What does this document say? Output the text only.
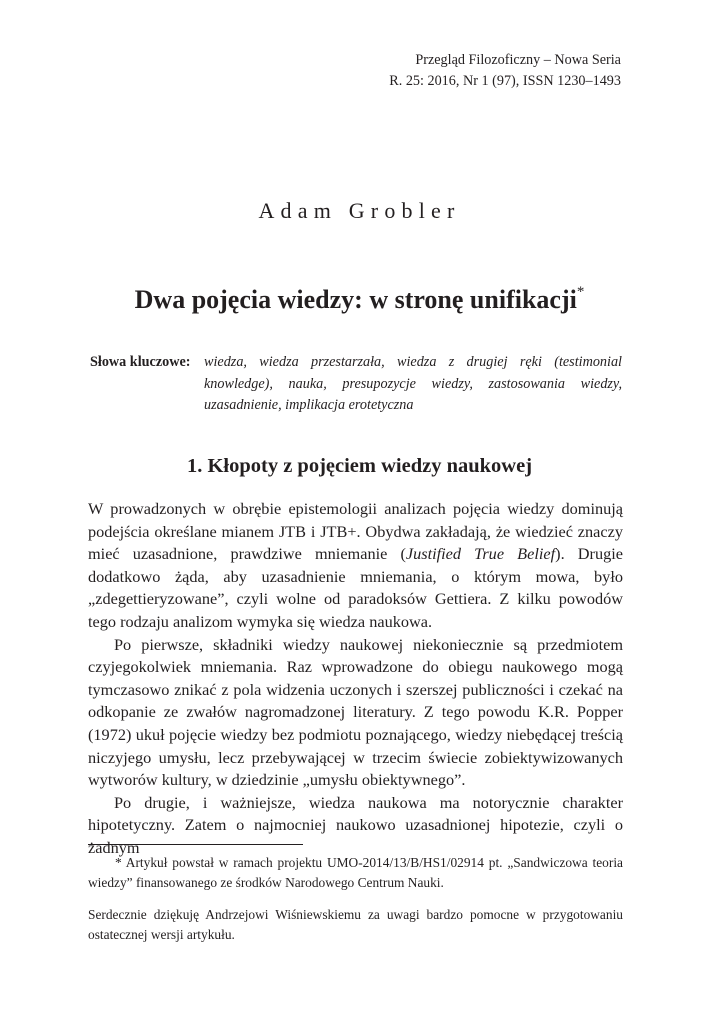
Przegląd Filozoficzny – Nowa Seria
R. 25: 2016, Nr 1 (97), ISSN 1230–1493
Adam Grobler
Dwa pojęcia wiedzy: w stronę unifikacji*
Słowa kluczowe: wiedza, wiedza przestarzała, wiedza z drugiej ręki (testimonial knowledge), nauka, presupozycje wiedzy, zastosowania wiedzy, uzasadnienie, implikacja erotetyczna
1. Kłopoty z pojęciem wiedzy naukowej

W prowadzonych w obrębie epistemologii analizach pojęcia wiedzy dominują podejścia określane mianem JTB i JTB+. Obydwa zakładają, że wiedzieć znaczy mieć uzasadnione, prawdziwe mniemanie (Justified True Belief). Drugie dodatkowo żąda, aby uzasadnienie mniemania, o którym mowa, było „zdegettieryzowane”, czyli wolne od paradoksów Gettiera. Z kilku powodów tego rodzaju analizom wymyka się wiedza naukowa.

Po pierwsze, składniki wiedzy naukowej niekoniecznie są przedmiotem czyjegokolwiek mniemania. Raz wprowadzone do obiegu naukowego mogą tymczasowo znikać z pola widzenia uczonych i szerszej publiczności i czekać na odkopanie ze zwałów nagromadzonej literatury. Z tego powodu K.R. Popper (1972) ukuł pojęcie wiedzy bez podmiotu poznającego, wiedzy niebędącej treścią niczyjego umysłu, lecz przebywającej w trzecim świecie zobiektywizowanych wytworów kultury, w dziedzinie „umysłu obiektywnego”.

Po drugie, i ważniejsze, wiedza naukowa ma notorycznie charakter hipotetyczny. Zatem o najmocniej naukowo uzasadnionej hipotezie, czyli o żadnym

* Artykuł powstał w ramach projektu UMO-2014/13/B/HS1/02914 pt. „Sandwiczowa teoria wiedzy” finansowanego ze środków Narodowego Centrum Nauki.

Serdecznie dziękuję Andrzejowi Wiśniewskiemu za uwagi bardzo pomocne w przygotowaniu ostatecznej wersji artykułu.
